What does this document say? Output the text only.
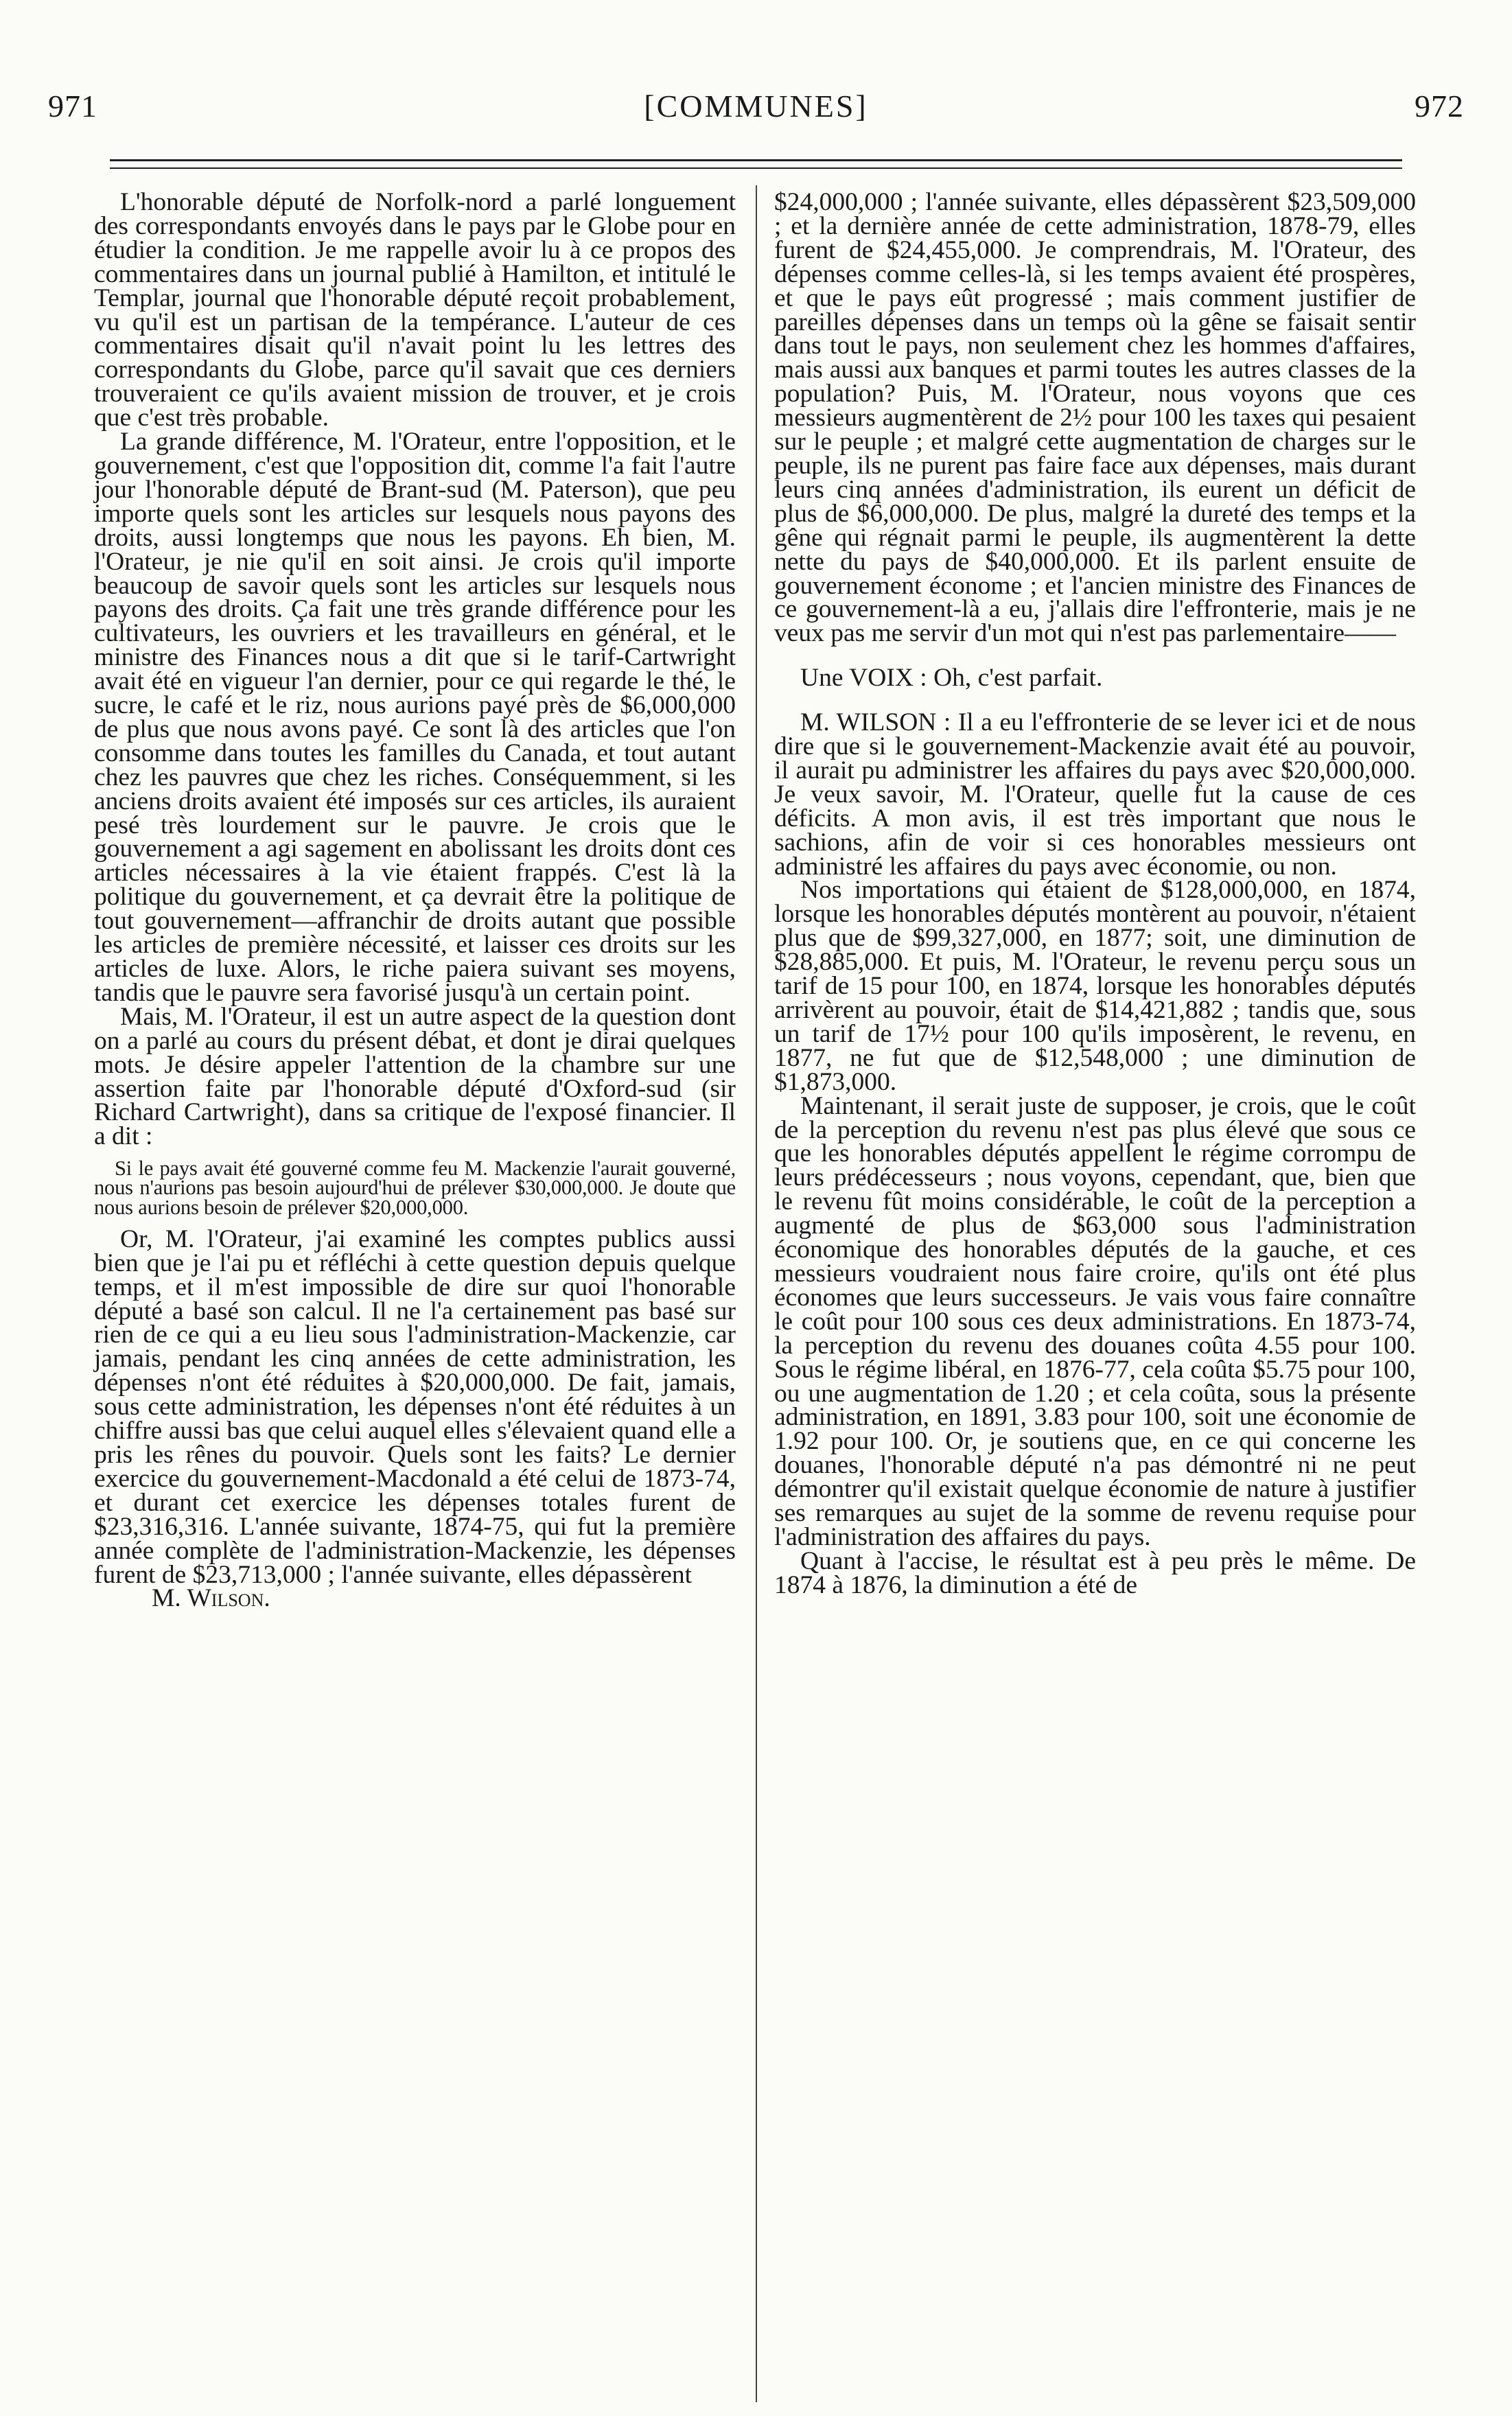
971	[COMMUNES]	972

L'honorable député de Norfolk-nord a parlé longuement des correspondants envoyés dans le pays par le Globe pour en étudier la condition. Je me rappelle avoir lu à ce propos des commentaires dans un journal publié à Hamilton, et intitulé le Templar, journal que l'honorable député reçoit probablement, vu qu'il est un partisan de la tempérance. L'auteur de ces commentaires disait qu'il n'avait point lu les lettres des correspondants du Globe, parce qu'il savait que ces derniers trouveraient ce qu'ils avaient mission de trouver, et je crois que c'est très probable.

La grande différence, M. l'Orateur, entre l'opposition, et le gouvernement, c'est que l'opposition dit, comme l'a fait l'autre jour l'honorable député de Brant-sud (M. Paterson), que peu importe quels sont les articles sur lesquels nous payons des droits, aussi longtemps que nous les payons. Eh bien, M. l'Orateur, je nie qu'il en soit ainsi. Je crois qu'il importe beaucoup de savoir quels sont les articles sur lesquels nous payons des droits. Ça fait une très grande différence pour les cultivateurs, les ouvriers et les travailleurs en général, et le ministre des Finances nous a dit que si le tarif-Cartwright avait été en vigueur l'an dernier, pour ce qui regarde le thé, le sucre, le café et le riz, nous aurions payé près de $6,000,000 de plus que nous avons payé. Ce sont là des articles que l'on consomme dans toutes les familles du Canada, et tout autant chez les pauvres que chez les riches. Conséquemment, si les anciens droits avaient été imposés sur ces articles, ils auraient pesé très lourdement sur le pauvre. Je crois que le gouvernement a agi sagement en abolissant les droits dont ces articles nécessaires à la vie étaient frappés. C'est là la politique du gouvernement, et ça devrait être la politique de tout gouvernement—affranchir de droits autant que possible les articles de première nécessité, et laisser ces droits sur les articles de luxe. Alors, le riche paiera suivant ses moyens, tandis que le pauvre sera favorisé jusqu'à un certain point.

Mais, M. l'Orateur, il est un autre aspect de la question dont on a parlé au cours du présent débat, et dont je dirai quelques mots. Je désire appeler l'attention de la chambre sur une assertion faite par l'honorable député d'Oxford-sud (sir Richard Cartwright), dans sa critique de l'exposé financier. Il a dit :

Si le pays avait été gouverné comme feu M. Mackenzie l'aurait gouverné, nous n'aurions pas besoin aujourd'hui de prélever $30,000,000. Je doute que nous aurions besoin de prélever $20,000,000.

Or, M. l'Orateur, j'ai examiné les comptes publics aussi bien que je l'ai pu et réfléchi à cette question depuis quelque temps, et il m'est impossible de dire sur quoi l'honorable député a basé son calcul. Il ne l'a certainement pas basé sur rien de ce qui a eu lieu sous l'administration-Mackenzie, car jamais, pendant les cinq années de cette administration, les dépenses n'ont été réduites à $20,000,000. De fait, jamais, sous cette administration, les dépenses n'ont été réduites à un chiffre aussi bas que celui auquel elles s'élevaient quand elle a pris les rênes du pouvoir. Quels sont les faits? Le dernier exercice du gouvernement-Macdonald a été celui de 1873-74, et durant cet exercice les dépenses totales furent de $23,316,316. L'année suivante, 1874-75, qui fut la première année complète de l'administration-Mackenzie, les dépenses furent de $23,713,000 ; l'année suivante, elles dépassèrent

M. Wilson.

$24,000,000 ; l'année suivante, elles dépassèrent $23,509,000 ; et la dernière année de cette administration, 1878-79, elles furent de $24,455,000. Je comprendrais, M. l'Orateur, des dépenses comme celles-là, si les temps avaient été prospères, et que le pays eût progressé ; mais comment justifier de pareilles dépenses dans un temps où la gêne se faisait sentir dans tout le pays, non seulement chez les hommes d'affaires, mais aussi aux banques et parmi toutes les autres classes de la population? Puis, M. l'Orateur, nous voyons que ces messieurs augmentèrent de 2½ pour 100 les taxes qui pesaient sur le peuple ; et malgré cette augmentation de charges sur le peuple, ils ne purent pas faire face aux dépenses, mais durant leurs cinq années d'administration, ils eurent un déficit de plus de $6,000,000. De plus, malgré la dureté des temps et la gêne qui régnait parmi le peuple, ils augmentèrent la dette nette du pays de $40,000,000. Et ils parlent ensuite de gouvernement économe ; et l'ancien ministre des Finances de ce gouvernement-là a eu, j'allais dire l'effronterie, mais je ne veux pas me servir d'un mot qui n'est pas parlementaire——

Une VOIX : Oh, c'est parfait.

M. WILSON : Il a eu l'effronterie de se lever ici et de nous dire que si le gouvernement-Mackenzie avait été au pouvoir, il aurait pu administrer les affaires du pays avec $20,000,000. Je veux savoir, M. l'Orateur, quelle fut la cause de ces déficits. A mon avis, il est très important que nous le sachions, afin de voir si ces honorables messieurs ont administré les affaires du pays avec économie, ou non.

Nos importations qui étaient de $128,000,000, en 1874, lorsque les honorables députés montèrent au pouvoir, n'étaient plus que de $99,327,000, en 1877; soit, une diminution de $28,885,000. Et puis, M. l'Orateur, le revenu perçu sous un tarif de 15 pour 100, en 1874, lorsque les honorables députés arrivèrent au pouvoir, était de $14,421,882 ; tandis que, sous un tarif de 17½ pour 100 qu'ils imposèrent, le revenu, en 1877, ne fut que de $12,548,000 ; une diminution de $1,873,000.

Maintenant, il serait juste de supposer, je crois, que le coût de la perception du revenu n'est pas plus élevé que sous ce que les honorables députés appellent le régime corrompu de leurs prédécesseurs ; nous voyons, cependant, que, bien que le revenu fût moins considérable, le coût de la perception a augmenté de plus de $63,000 sous l'administration économique des honorables députés de la gauche, et ces messieurs voudraient nous faire croire, qu'ils ont été plus économes que leurs successeurs. Je vais vous faire connaître le coût pour 100 sous ces deux administrations. En 1873-74, la perception du revenu des douanes coûta 4.55 pour 100. Sous le régime libéral, en 1876-77, cela coûta $5.75 pour 100, ou une augmentation de 1.20 ; et cela coûta, sous la présente administration, en 1891, 3.83 pour 100, soit une économie de 1.92 pour 100. Or, je soutiens que, en ce qui concerne les douanes, l'honorable député n'a pas démontré ni ne peut démontrer qu'il existait quelque économie de nature à justifier ses remarques au sujet de la somme de revenu requise pour l'administration des affaires du pays.

Quant à l'accise, le résultat est à peu près le même. De 1874 à 1876, la diminution a été de
